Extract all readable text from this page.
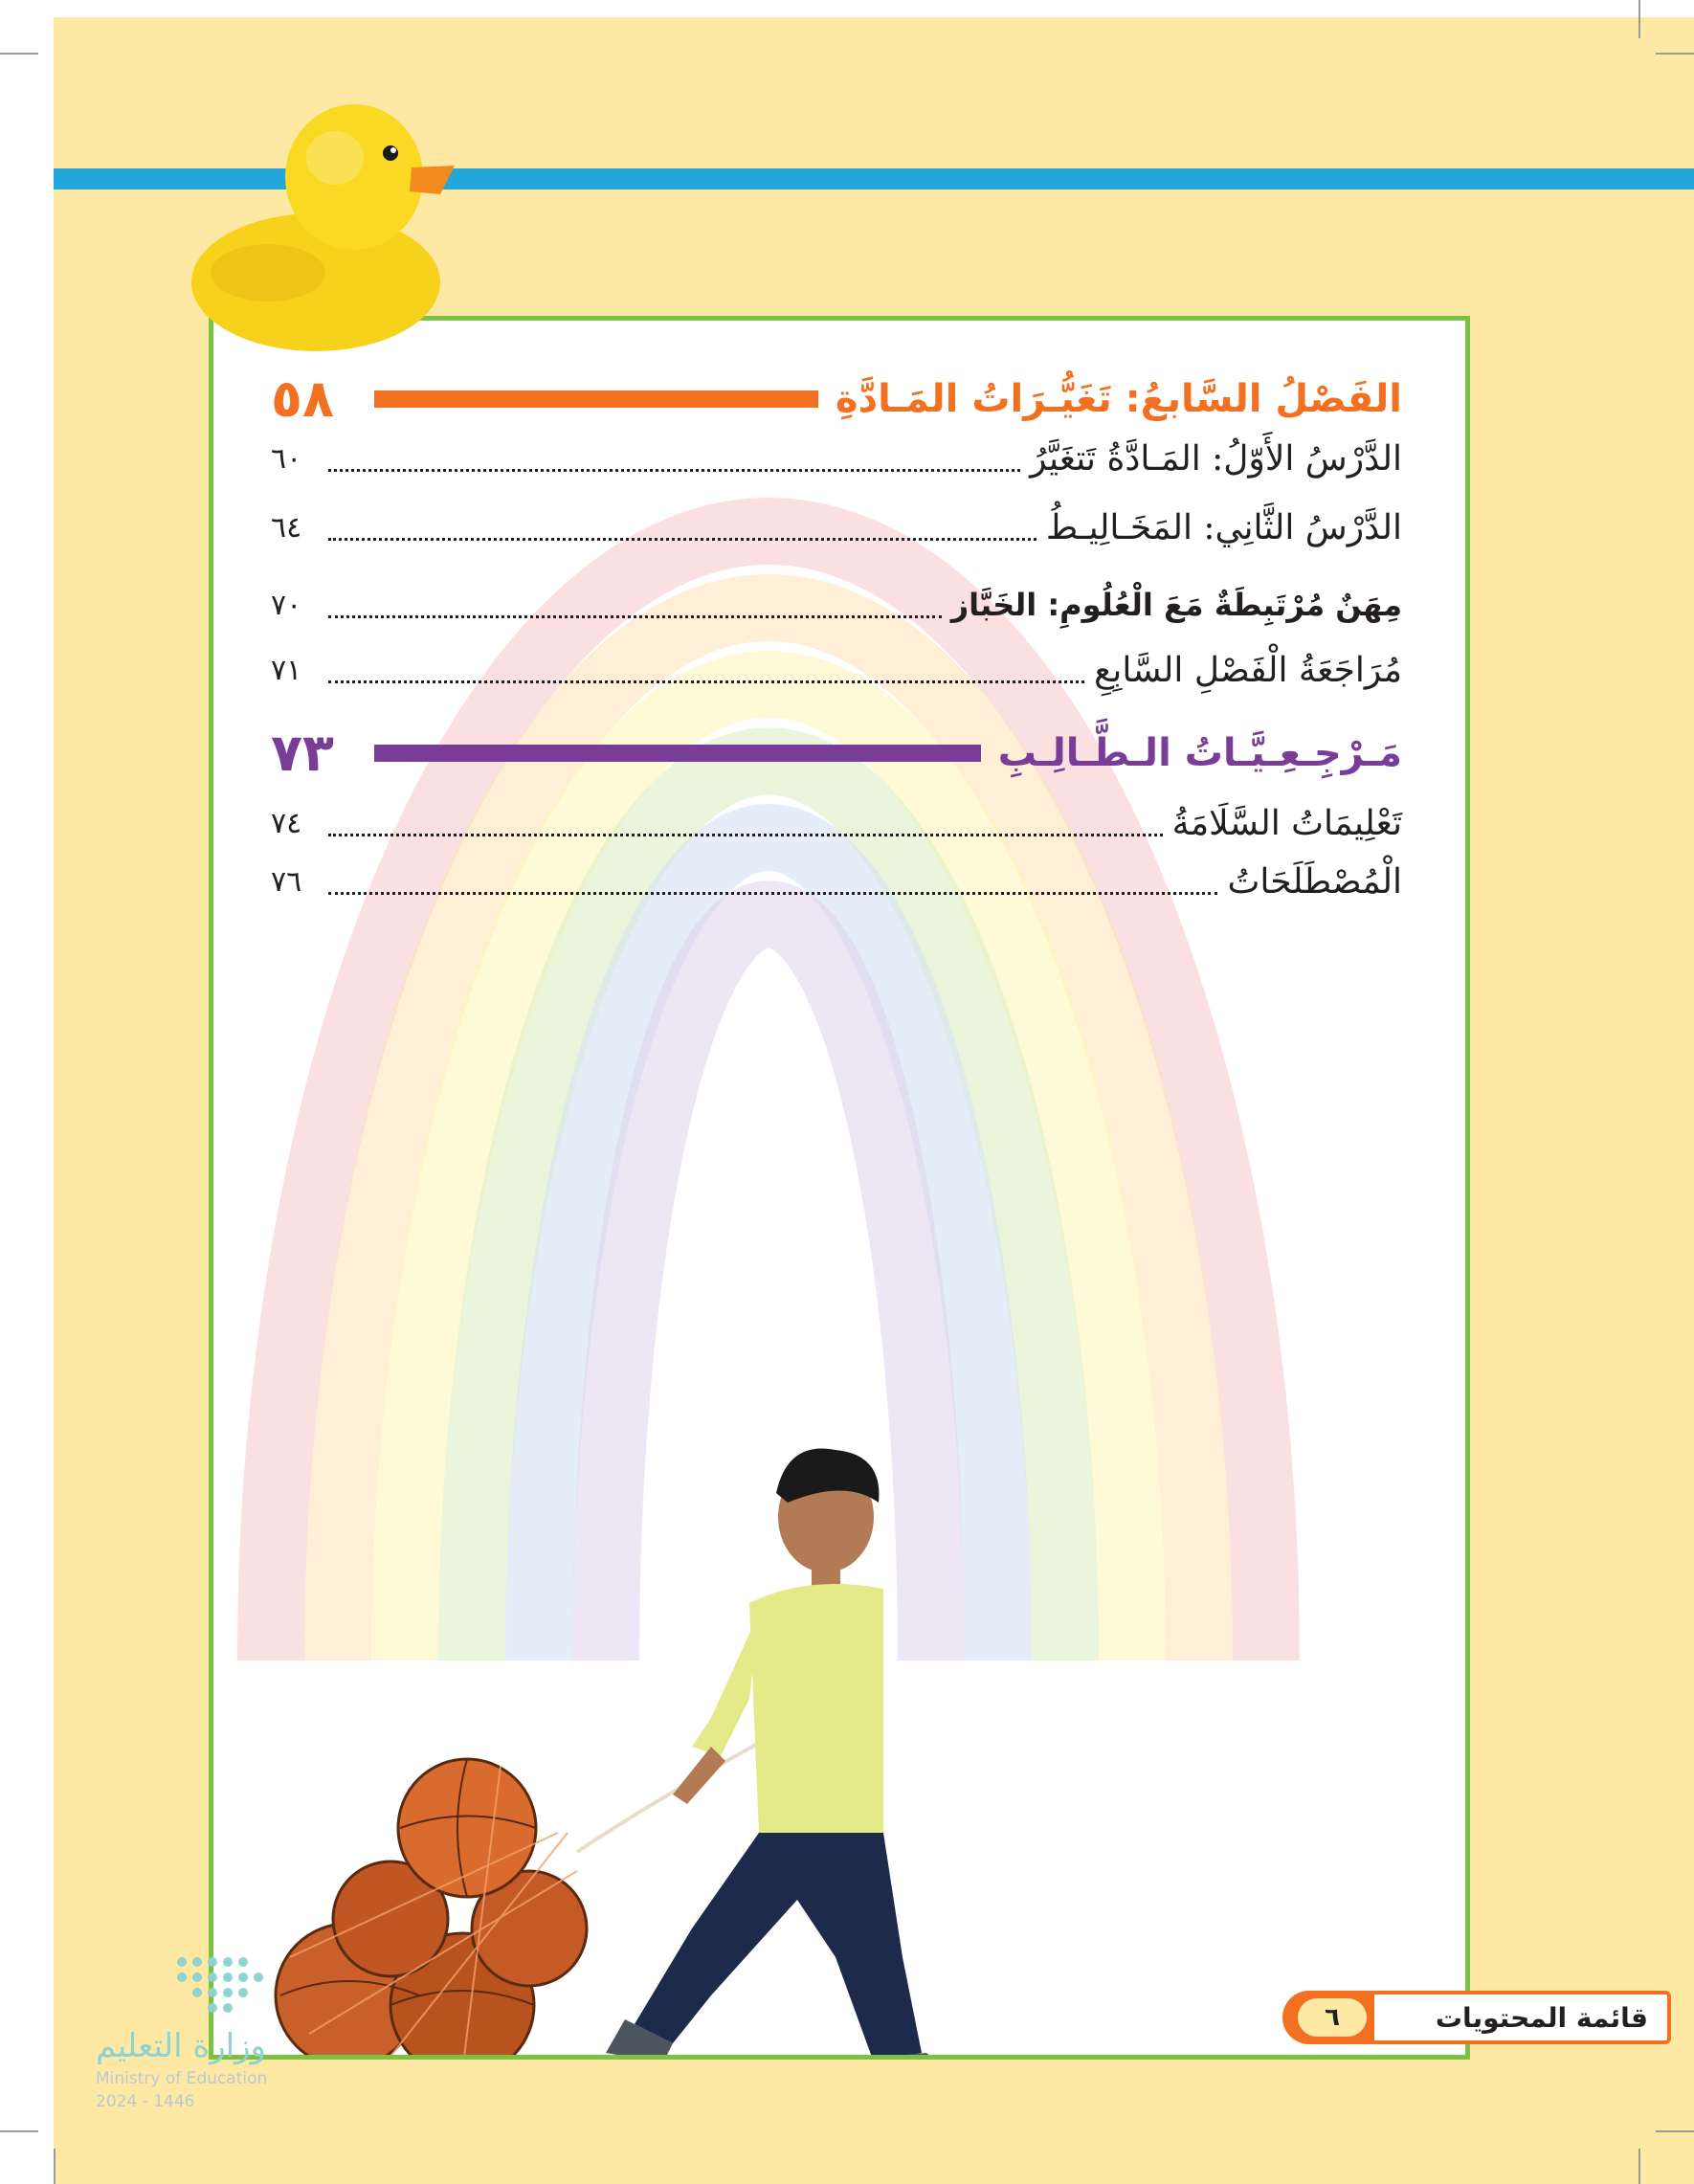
الفَصْلُ السَّابعُ: تَغَيُّـرَاتُ المَـادَّةِ
٥٨
الدَّرْسُ الأَوّلُ: المَـادَّةُ تَتغَيَّرُ
٦٠
الدَّرْسُ الثَّانِي: المَخَـالِيـطُ
٦٤
مِهَنٌ مُرْتَبِطَةٌ مَعَ الْعُلُومِ: الخَبَّاز
٧٠
مُرَاجَعَةُ الْفَصْلِ السَّابِعِ
٧١
مَـرْجِـعِـيَّـاتُ الـطَّـالِـبِ
٧٣
تَعْلِيمَاتُ السَّلَامَةُ
٧٤
الْمُصْطَلَحَاتُ
٧٦
قائمة المحتويات
٦
وزارة التعليم
Ministry of Education
2024 - 1446
